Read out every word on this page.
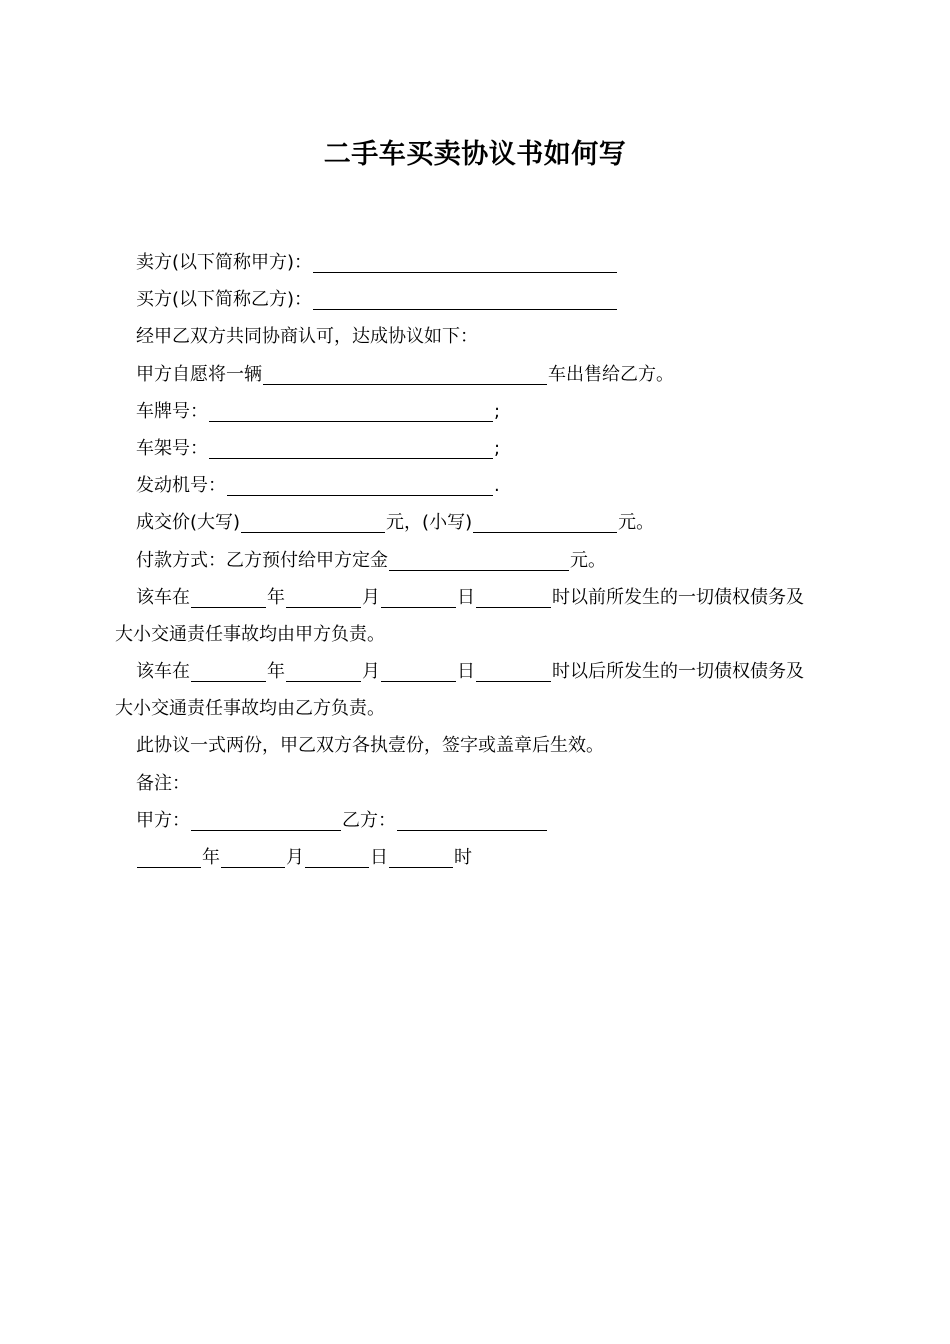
二手车买卖协议书如何写
卖方(以下简称甲方)：
买方(以下简称乙方)：
经甲乙双方共同协商认可，达成协议如下：
甲方自愿将一辆	车出售给乙方。
车牌号：	;
车架号：	;
发动机号：	.
成交价(大写)	元，(小写)	元。
付款方式：乙方预付给甲方定金	元。
该车在	年	月	日	时以前所发生的一切债权债务及
大小交通责任事故均由甲方负责。
该车在	年	月	日	时以后所发生的一切债权债务及
大小交通责任事故均由乙方负责。
此协议一式两份，甲乙双方各执壹份，签字或盖章后生效。
备注：
甲方：	乙方：
年	月	日	时
